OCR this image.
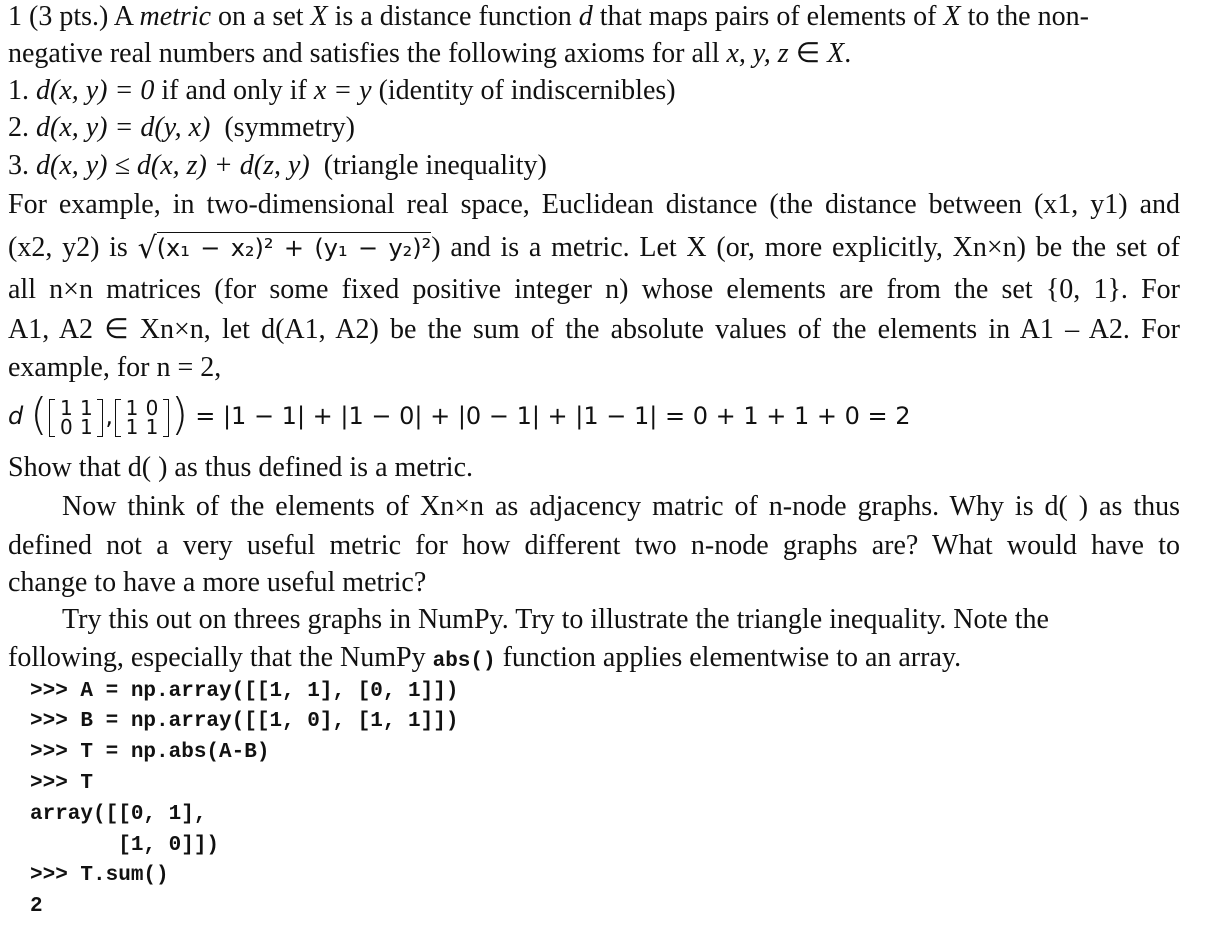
1 (3 pts.) A metric on a set X is a distance function d that maps pairs of elements of X to the non-
negative real numbers and satisfies the following axioms for all x, y, z ∈ X.
1. d(x, y) = 0 if and only if x = y (identity of indiscernibles)
2. d(x, y) = d(y, x)  (symmetry)
3. d(x, y) ≤ d(x, z) + d(z, y)  (triangle inequality)
For example, in two-dimensional real space, Euclidean distance (the distance between (x1, y1) and
(x2, y2) is √(x₁ − x₂)² + (y₁ − y₂)²) and is a metric. Let X (or, more explicitly, Xn×n) be the set of
all n×n matrices (for some fixed positive integer n) whose elements are from the set {0, 1}. For
A1, A2 ∈ Xn×n, let d(A1, A2) be the sum of the absolute values of the elements in A1 – A2. For
example, for n = 2,
d ( 1 1
0 1 , 1 0
1 1 ) = |1 − 1| + |1 − 0| + |0 − 1| + |1 − 1| = 0 + 1 + 1 + 0 = 2
Show that d( ) as thus defined is a metric.
Now think of the elements of Xn×n as adjacency matric of n-node graphs. Why is d( ) as thus
defined not a very useful metric for how different two n-node graphs are? What would have to
change to have a more useful metric?
Try this out on threes graphs in NumPy. Try to illustrate the triangle inequality. Note the
following, especially that the NumPy abs() function applies elementwise to an array.
>>> A = np.array([[1, 1], [0, 1]])
>>> B = np.array([[1, 0], [1, 1]])
>>> T = np.abs(A-B)
>>> T
array([[0, 1],
[1, 0]])
>>> T.sum()
2
